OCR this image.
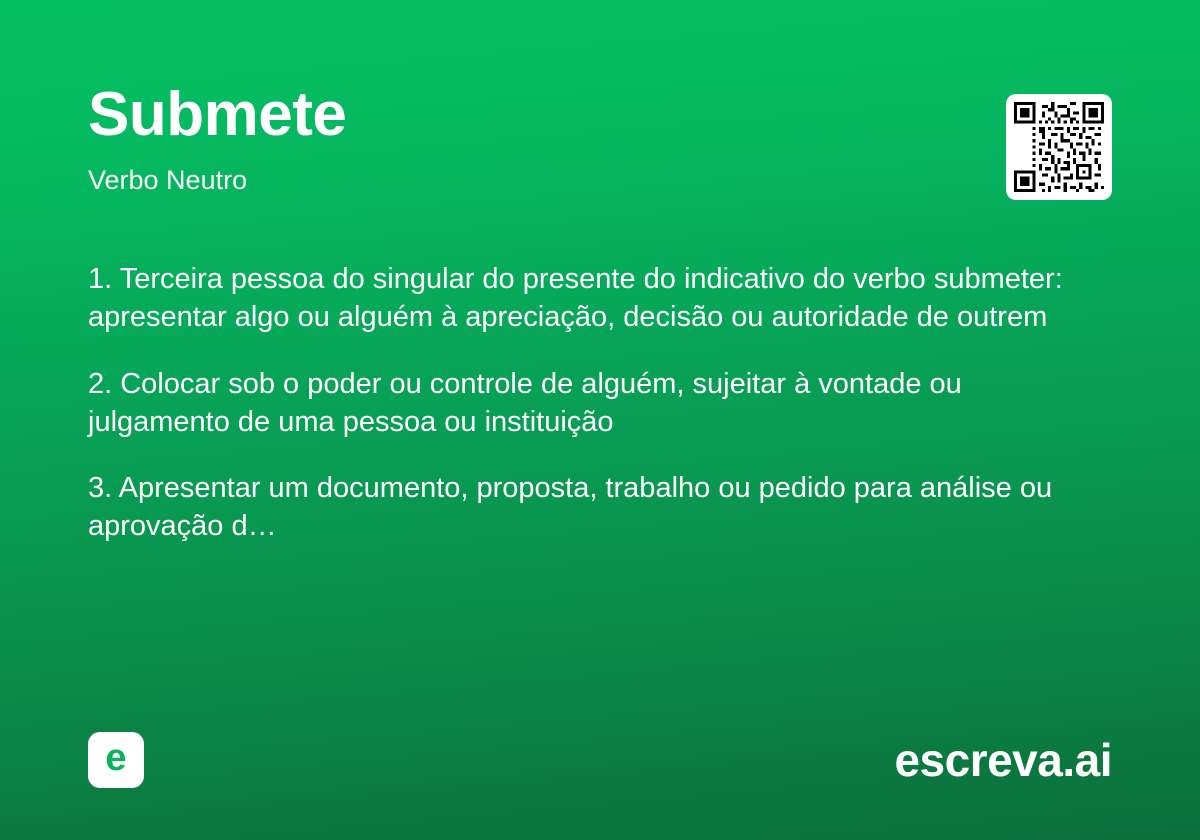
Submete
Verbo Neutro

1. Terceira pessoa do singular do presente do indicativo do verbo submeter: apresentar algo ou alguém à apreciação, decisão ou autoridade de outrem

2. Colocar sob o poder ou controle de alguém, sujeitar à vontade ou julgamento de uma pessoa ou instituição

3. Apresentar um documento, proposta, trabalho ou pedido para análise ou aprovação d…

e	escreva.ai
